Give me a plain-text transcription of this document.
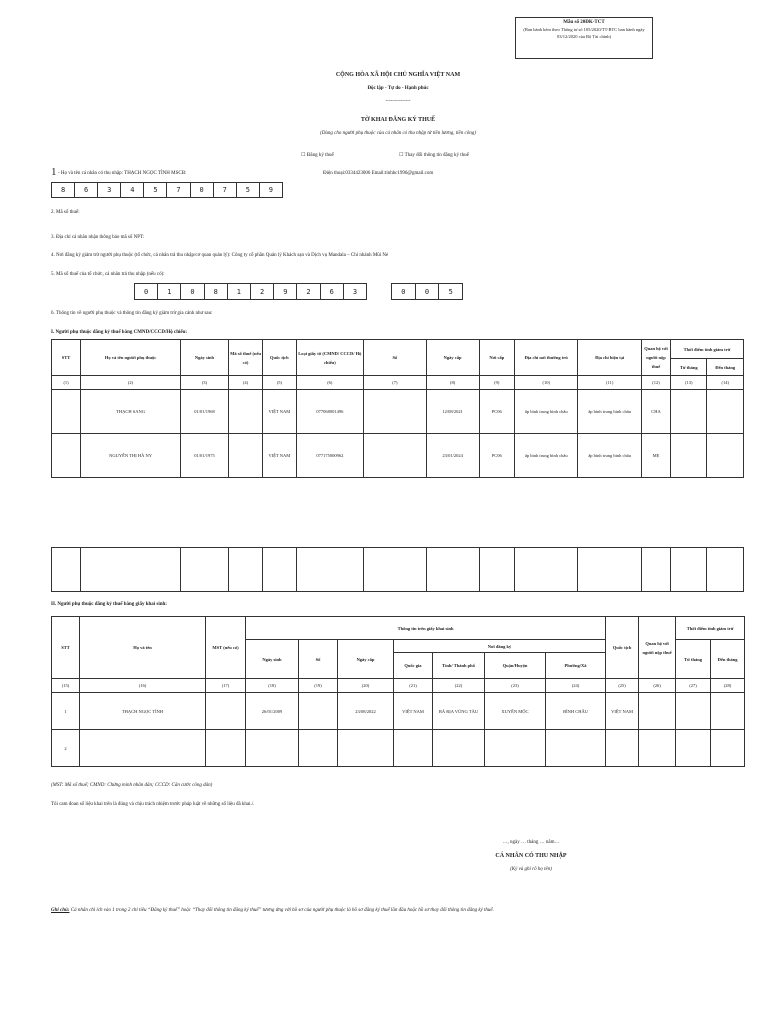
Mẫu số 20ĐK-TCT
(Ban hành kèm theo Thông tư số 105/2020/TT-BTC ban hành ngày 03/12/2020 của Bộ Tài chính)
CỘNG HÒA XÃ HỘI CHỦ NGHĨA VIỆT NAM
Độc lập - Tự do - Hạnh phúc
---------------
TỜ KHAI ĐĂNG KÝ THUẾ
(Dùng cho người phụ thuộc của cá nhân có thu nhập từ tiền lương, tiền công)
☐ Đăng ký thuế	☐ Thay đổi thông tin đăng ký thuế
1 - Họ và tên cá nhân có thu nhập: THẠCH NGỌC TÌNH MSCB:	Điện thoại:0334423006 Email:tinhhc1996@gmail.com
8	6	3	4	5	7	0	7	5	9
2. Mã số thuế:
3. Địa chỉ cá nhân nhận thông báo mã số NPT:
4. Nơi đăng ký giảm trừ người phụ thuộc (tổ chức, cá nhân trả thu nhập/cơ quan quản lý): Công ty cổ phần Quản lý Khách sạn và Dịch vụ Mandala – Chi nhánh Mũi Né
5. Mã số thuế của tổ chức, cá nhân trả thu nhập (nếu có):
0	1	0	8	1	2	9	2	6	3	0	0	5
6. Thông tin về người phụ thuộc và thông tin đăng ký giảm trừ gia cảnh như sau:
I. Người phụ thuộc đăng ký thuế bằng CMND/CCCD/Hộ chiếu:
STT	Họ và tên người phụ thuộc	Ngày sinh	Mã số thuế (nếu có)	Quốc tịch	Loại giấy tờ (CMND/ CCCD/ Hộ chiếu)	Số	Ngày cấp	Nơi cấp	Địa chỉ nơi thường trú	Địa chỉ hiện tại	Quan hệ với người nộp thuế	Thời điểm tính giảm trừ	
												Từ tháng	Đến tháng
(1)	(2)	(3)	(4)	(5)	(6)	(7)	(8)	(9)	(10)	(11)	(12)	(13)	(14)
	THẠCH SANG	01/01/1968		VIỆT NAM	077068001496		12/08/2021	PC06	ấp bình trung bình châu	ấp bình trung bình châu	CHA		
	NGUYỄN THỊ HÀ NY	01/01/1975		VIỆT NAM	077175000962		23/01/2024	PC06	ấp bình trung bình châu	ấp bình trung bình châu	MẸ		

II. Người phụ thuộc đăng ký thuế bằng giấy khai sinh:
STT	Họ và tên	MST (nếu có)	Thông tin trên giấy khai sinh							Quốc tịch	Quan hệ với người nộp thuế	Thời điểm tính giảm trừ	
			Ngày sinh	Số	Ngày cấp	Nơi đăng ký						Từ tháng	Đến tháng
						Quốc gia	Tỉnh/ Thành phố	Quận/Huyện	Phường/Xã				
(15)	(16)	(17)	(18)	(19)	(20)	(21)	(22)	(23)	(24)	(25)	(26)	(27)	(28)
1	THẠCH NGỌC TÌNH		26/01/2009		23/08/2022	VIỆT NAM	BÀ RỊA VŨNG TÀU	XUYÊN MỘC	BÌNH CHÂU	VIỆT NAM			
2													
(MST: Mã số thuế; CMND: Chứng minh nhân dân; CCCD: Căn cước công dân)
Tôi cam đoan số liệu khai trên là đúng và chịu trách nhiệm trước pháp luật về những số liệu đã khai./.
…, ngày … tháng … năm…
CÁ NHÂN CÓ THU NHẬP
(Ký và ghi rõ họ tên)
Ghi chú: Cá nhân chỉ ích vào 1 trong 2 chỉ tiêu “Đăng ký thuế” hoặc “Thay đổi thông tin đăng ký thuế” tương ứng với hồ sơ của người phụ thuộc là hồ sơ đăng ký thuế lần đầu hoặc hồ sơ thay đổi thông tin đăng ký thuế.
